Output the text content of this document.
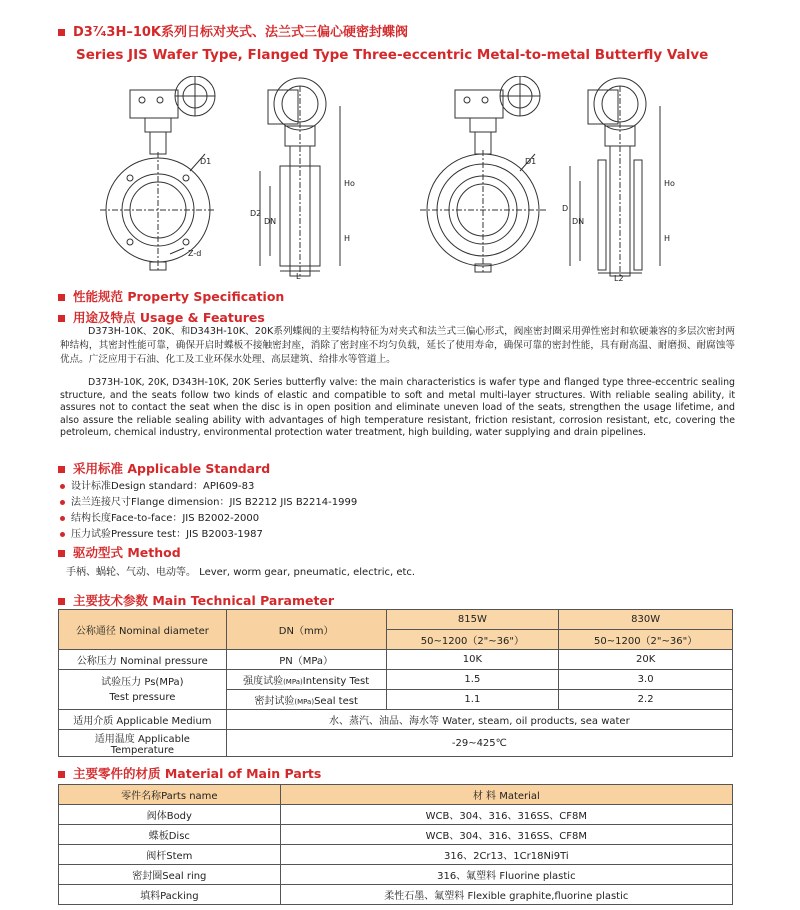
D3⁷⁄₄3H–10K系列日标对夹式、法兰式三偏心硬密封蝶阀
Series JIS Wafer Type, Flanged Type Three-eccentric Metal-to-metal Butterfly Valve
D1
Z-d
D2
DN
H
Ho
L
D1
D
DN
H
Ho
L2
性能规范 Property Specification
用途及特点 Usage & Features
D373H-10K、20K、和D343H-10K、20K系列蝶阀的主要结构特征为对夹式和法兰式三偏心形式，阀座密封圈采用弹性密封和软硬兼容的多层次密封两种结构，其密封性能可靠，确保开启时蝶板不接触密封座，消除了密封座不均匀负载，延长了使用寿命，确保可靠的密封性能，具有耐高温、耐磨损、耐腐蚀等优点。广泛应用于石油、化工及工业环保水处理、高层建筑、给排水等管道上。
D373H-10K, 20K, D343H-10K, 20K Series butterfly valve: the main characteristics is wafer type and flanged type three-eccentric sealing structure, and the seats follow two kinds of elastic and compatible to soft and metal multi-layer structures. With reliable sealing ability, it assures not to contact the seat when the disc is in open position and eliminate uneven load of the seats, strengthen the usage lifetime, and also assure the reliable sealing ability with advantages of high temperature resistant, friction resistant, corrosion resistant, etc, covering the petroleum, chemical industry, environmental protection water treatment, high building, water supplying and drain pipelines.
采用标准 Applicable Standard
设计标准Design standard：API609-83
法兰连接尺寸Flange dimension：JIS B2212 JIS B2214-1999
结构长度Face-to-face：JIS B2002-2000
压力试验Pressure test：JIS B2003-1987
驱动型式 Method
手柄、蜗轮、气动、电动等。 Lever, worm gear, pneumatic, electric, etc.
主要技术参数 Main Technical Parameter
公称通径 Nominal diameter	DN（mm）	815W	830W
		50~1200（2"~36"）	50~1200（2"~36"）
公称压力 Nominal pressure	PN（MPa）	10K	20K
试验压力 Ps(MPa)
Test pressure	强度试验(MPa)Intensity Test	1.5	3.0
	密封试验(MPa)Seal test	1.1	2.2
适用介质 Applicable Medium	水、蒸汽、油品、海水等 Water, steam, oil products, sea water		
适用温度 Applicable Temperature	-29~425℃		
主要零件的材质 Material of Main Parts
零件名称Parts name	材 料 Material
阀体Body	WCB、304、316、316SS、CF8M
蝶板Disc	WCB、304、316、316SS、CF8M
阀杆Stem	316、2Cr13、1Cr18Ni9Ti
密封圈Seal ring	316、氟塑料 Fluorine plastic
填料Packing	柔性石墨、氟塑料 Flexible graphite,fluorine plastic
